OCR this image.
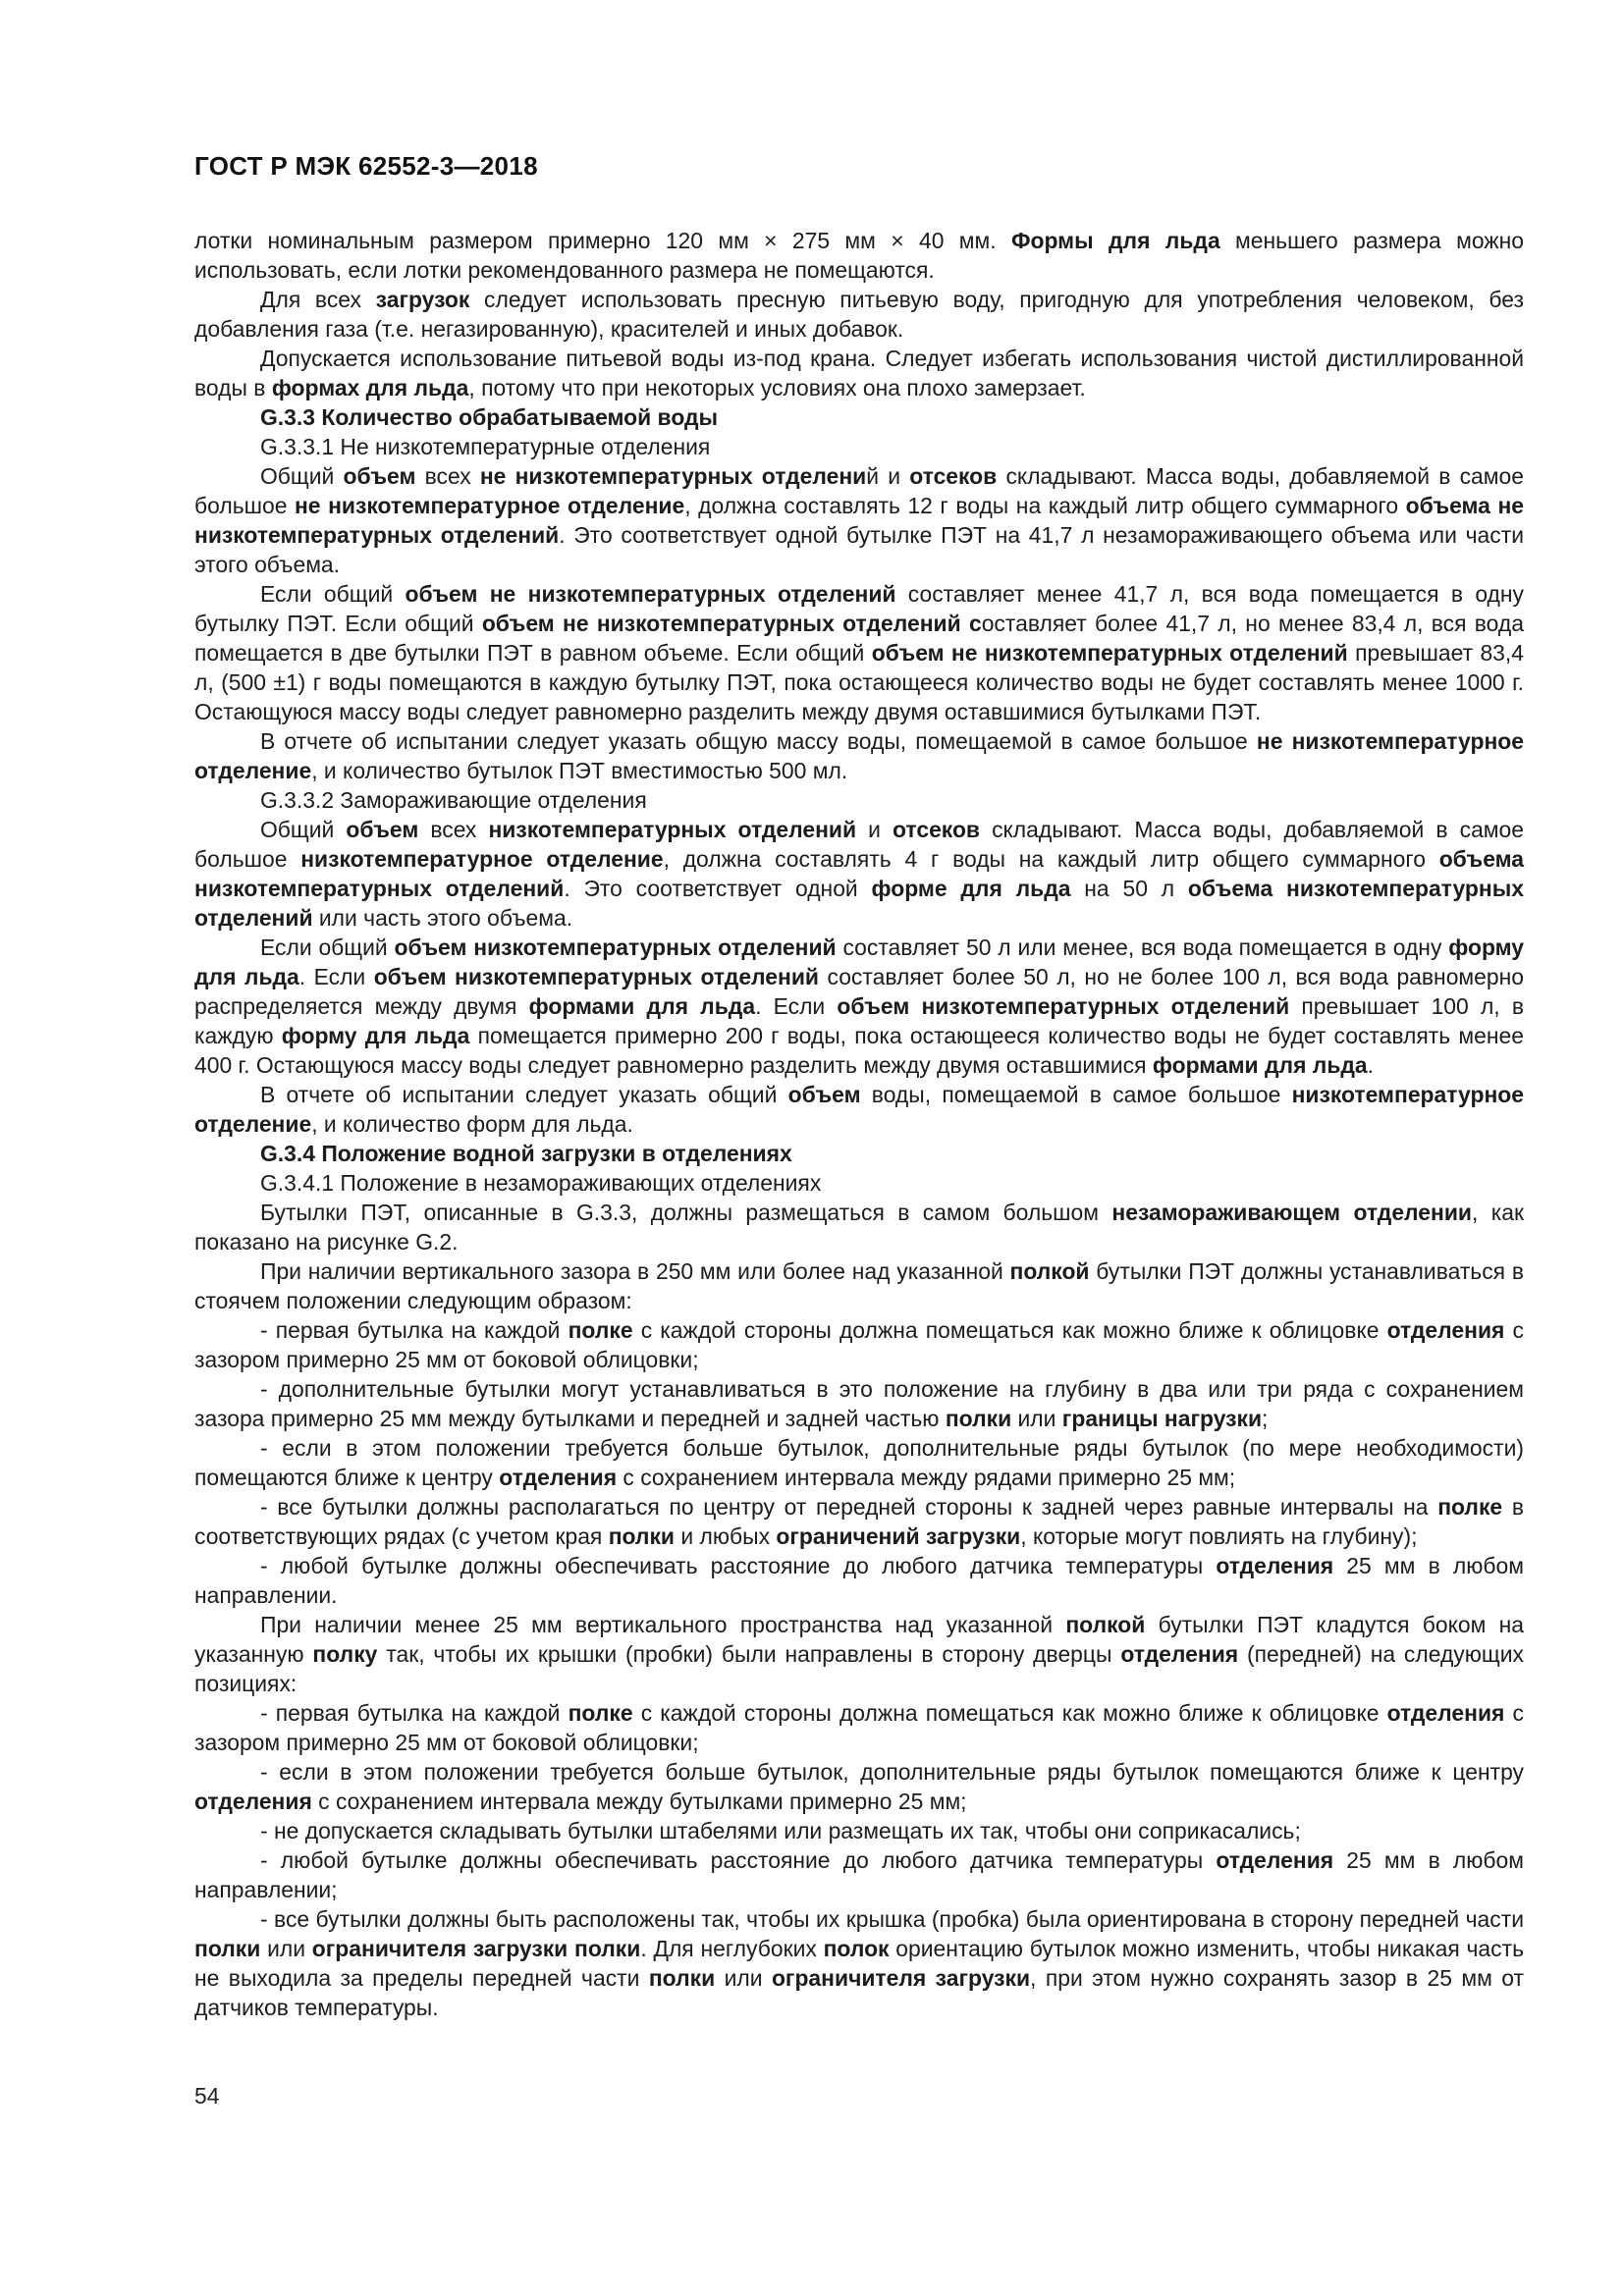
ГОСТ Р МЭК 62552-3—2018

лотки номинальным размером примерно 120 мм × 275 мм × 40 мм. Формы для льда меньшего размера можно использовать, если лотки рекомендованного размера не помещаются.

Для всех загрузок следует использовать пресную питьевую воду, пригодную для употребления человеком, без добавления газа (т.е. негазированную), красителей и иных добавок.

Допускается использование питьевой воды из-под крана. Следует избегать использования чистой дистиллированной воды в формах для льда, потому что при некоторых условиях она плохо замерзает.

G.3.3 Количество обрабатываемой воды

G.3.3.1 Не низкотемпературные отделения

Общий объем всех не низкотемпературных отделений и отсеков складывают. Масса воды, добавляемой в самое большое не низкотемпературное отделение, должна составлять 12 г воды на каждый литр общего суммарного объема не низкотемпературных отделений. Это соответствует одной бутылке ПЭТ на 41,7 л незамораживающего объема или части этого объема.

Если общий объем не низкотемпературных отделений составляет менее 41,7 л, вся вода помещается в одну бутылку ПЭТ. Если общий объем не низкотемпературных отделений составляет более 41,7 л, но менее 83,4 л, вся вода помещается в две бутылки ПЭТ в равном объеме. Если общий объем не низкотемпературных отделений превышает 83,4 л, (500 ±1) г воды помещаются в каждую бутылку ПЭТ, пока остающееся количество воды не будет составлять менее 1000 г. Остающуюся массу воды следует равномерно разделить между двумя оставшимися бутылками ПЭТ.

В отчете об испытании следует указать общую массу воды, помещаемой в самое большое не низкотемпературное отделение, и количество бутылок ПЭТ вместимостью 500 мл.

G.3.3.2 Замораживающие отделения

Общий объем всех низкотемпературных отделений и отсеков складывают. Масса воды, добавляемой в самое большое низкотемпературное отделение, должна составлять 4 г воды на каждый литр общего суммарного объема низкотемпературных отделений. Это соответствует одной форме для льда на 50 л объема низкотемпературных отделений или часть этого объема.

Если общий объем низкотемпературных отделений составляет 50 л или менее, вся вода помещается в одну форму для льда. Если объем низкотемпературных отделений составляет более 50 л, но не более 100 л, вся вода равномерно распределяется между двумя формами для льда. Если объем низкотемпературных отделений превышает 100 л, в каждую форму для льда помещается примерно 200 г воды, пока остающееся количество воды не будет составлять менее 400 г. Остающуюся массу воды следует равномерно разделить между двумя оставшимися формами для льда.

В отчете об испытании следует указать общий объем воды, помещаемой в самое большое низкотемпературное отделение, и количество форм для льда.

G.3.4 Положение водной загрузки в отделениях

G.3.4.1 Положение в незамораживающих отделениях

Бутылки ПЭТ, описанные в G.3.3, должны размещаться в самом большом незамораживающем отделении, как показано на рисунке G.2.

При наличии вертикального зазора в 250 мм или более над указанной полкой бутылки ПЭТ должны устанавливаться в стоячем положении следующим образом:

- первая бутылка на каждой полке с каждой стороны должна помещаться как можно ближе к облицовке отделения с зазором примерно 25 мм от боковой облицовки;

- дополнительные бутылки могут устанавливаться в это положение на глубину в два или три ряда с сохранением зазора примерно 25 мм между бутылками и передней и задней частью полки или границы нагрузки;

- если в этом положении требуется больше бутылок, дополнительные ряды бутылок (по мере необходимости) помещаются ближе к центру отделения с сохранением интервала между рядами примерно 25 мм;

- все бутылки должны располагаться по центру от передней стороны к задней через равные интервалы на полке в соответствующих рядах (с учетом края полки и любых ограничений загрузки, которые могут повлиять на глубину);

- любой бутылке должны обеспечивать расстояние до любого датчика температуры отделения 25 мм в любом направлении.

При наличии менее 25 мм вертикального пространства над указанной полкой бутылки ПЭТ кладутся боком на указанную полку так, чтобы их крышки (пробки) были направлены в сторону дверцы отделения (передней) на следующих позициях:

- первая бутылка на каждой полке с каждой стороны должна помещаться как можно ближе к облицовке отделения с зазором примерно 25 мм от боковой облицовки;

- если в этом положении требуется больше бутылок, дополнительные ряды бутылок помещаются ближе к центру отделения с сохранением интервала между бутылками примерно 25 мм;

- не допускается складывать бутылки штабелями или размещать их так, чтобы они соприкасались;

- любой бутылке должны обеспечивать расстояние до любого датчика температуры отделения 25 мм в любом направлении;

- все бутылки должны быть расположены так, чтобы их крышка (пробка) была ориентирована в сторону передней части полки или ограничителя загрузки полки. Для неглубоких полок ориентацию бутылок можно изменить, чтобы никакая часть не выходила за пределы передней части полки или ограничителя загрузки, при этом нужно сохранять зазор в 25 мм от датчиков температуры.

54
